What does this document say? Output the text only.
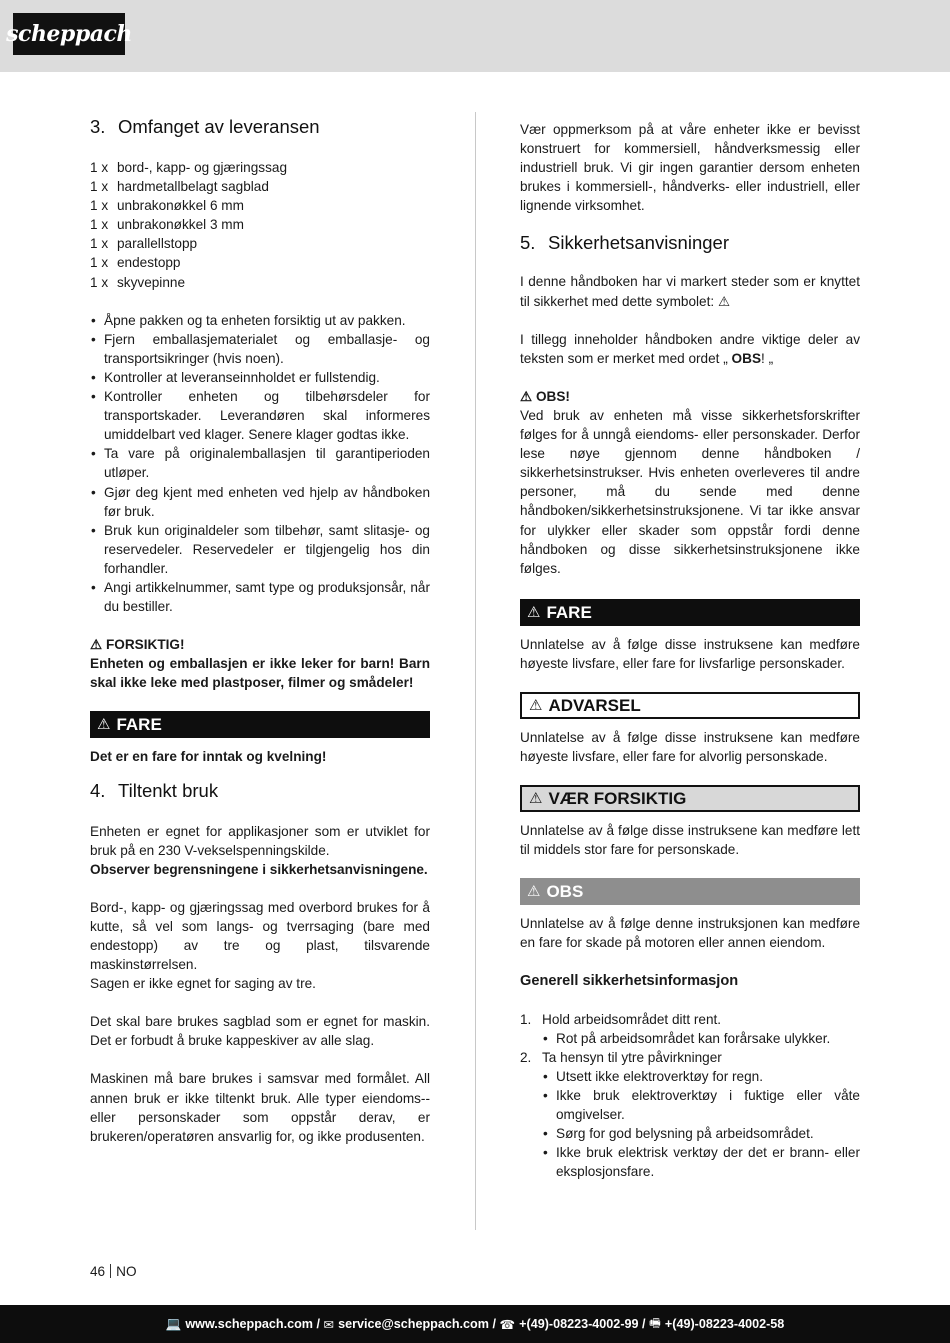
scheppach
3. Omfanget av leveransen
1 x bord-, kapp- og gjæringssag
1 x hardmetallbelagt sagblad
1 x unbrakonøkkel 6 mm
1 x unbrakonøkkel 3 mm
1 x parallellstopp
1 x endestopp
1 x skyvepinne
• Åpne pakken og ta enheten forsiktig ut av pakken.
• Fjern emballasjematerialet og emballasje- og transportsikringer (hvis noen).
• Kontroller at leveranseinnholdet er fullstendig.
• Kontroller enheten og tilbehørsdeler for transportskader. Leverandøren skal informeres umiddelbart ved klager. Senere klager godtas ikke.
• Ta vare på originalemballasjen til garantiperioden utløper.
• Gjør deg kjent med enheten ved hjelp av håndboken før bruk.
• Bruk kun originaldeler som tilbehør, samt slitasje- og reservedeler. Reservedeler er tilgjengelig hos din forhandler.
• Angi artikkelnummer, samt type og produksjonsår, når du bestiller.
⚠ FORSIKTIG!
Enheten og emballasjen er ikke leker for barn! Barn skal ikke leke med plastposer, filmer og smådeler!
⚠ FARE
Det er en fare for inntak og kvelning!
4. Tiltenkt bruk
Enheten er egnet for applikasjoner som er utviklet for bruk på en 230 V-vekselspenningskilde.
Observer begrensningene i sikkerhetsanvisningene.
Bord-, kapp- og gjæringssag med overbord brukes for å kutte, så vel som langs- og tverrsaging (bare med endestopp) av tre og plast, tilsvarende maskinstørrelsen.
Sagen er ikke egnet for saging av tre.
Det skal bare brukes sagblad som er egnet for maskin. Det er forbudt å bruke kappeskiver av alle slag.
Maskinen må bare brukes i samsvar med formålet. All annen bruk er ikke tiltenkt bruk. Alle typer eiendoms-- eller personskader som oppstår derav, er brukeren/operatøren ansvarlig for, og ikke produsenten.
Vær oppmerksom på at våre enheter ikke er bevisst konstruert for kommersiell, håndverksmessig eller industriell bruk. Vi gir ingen garantier dersom enheten brukes i kommersiell-, håndverks- eller industriell, eller lignende virksomhet.
5. Sikkerhetsanvisninger
I denne håndboken har vi markert steder som er knyttet til sikkerhet med dette symbolet: ⚠
I tillegg inneholder håndboken andre viktige deler av teksten som er merket med ordet „ OBS! „
⚠ OBS!
Ved bruk av enheten må visse sikkerhetsforskrifter følges for å unngå eiendoms- eller personskader. Derfor lese nøye gjennom denne håndboken / sikkerhetsinstrukser. Hvis enheten overleveres til andre personer, må du sende med denne håndboken/sikkerhetsinstruksjonene. Vi tar ikke ansvar for ulykker eller skader som oppstår fordi denne håndboken og disse sikkerhetsinstruksjonene ikke følges.
⚠ FARE
Unnlatelse av å følge disse instruksene kan medføre høyeste livsfare, eller fare for livsfarlige personskader.
⚠ ADVARSEL
Unnlatelse av å følge disse instruksene kan medføre høyeste livsfare, eller fare for alvorlig personskade.
⚠ VÆR FORSIKTIG
Unnlatelse av å følge disse instruksene kan medføre lett til middels stor fare for personskade.
⚠ OBS
Unnlatelse av å følge denne instruksjonen kan medføre en fare for skade på motoren eller annen eiendom.
Generell sikkerhetsinformasjon
1. Hold arbeidsområdet ditt rent.
• Rot på arbeidsområdet kan forårsake ulykker.
2. Ta hensyn til ytre påvirkninger
• Utsett ikke elektroverktøy for regn.
• Ikke bruk elektroverktøy i fuktige eller våte omgivelser.
• Sørg for god belysning på arbeidsområdet.
• Ikke bruk elektrisk verktøy der det er brann- eller eksplosjonsfare.
46 NO
💻 www.scheppach.com /
✉ service@scheppach.com /
☎ +(49)-08223-4002-99 /
🖷 +(49)-08223-4002-58
